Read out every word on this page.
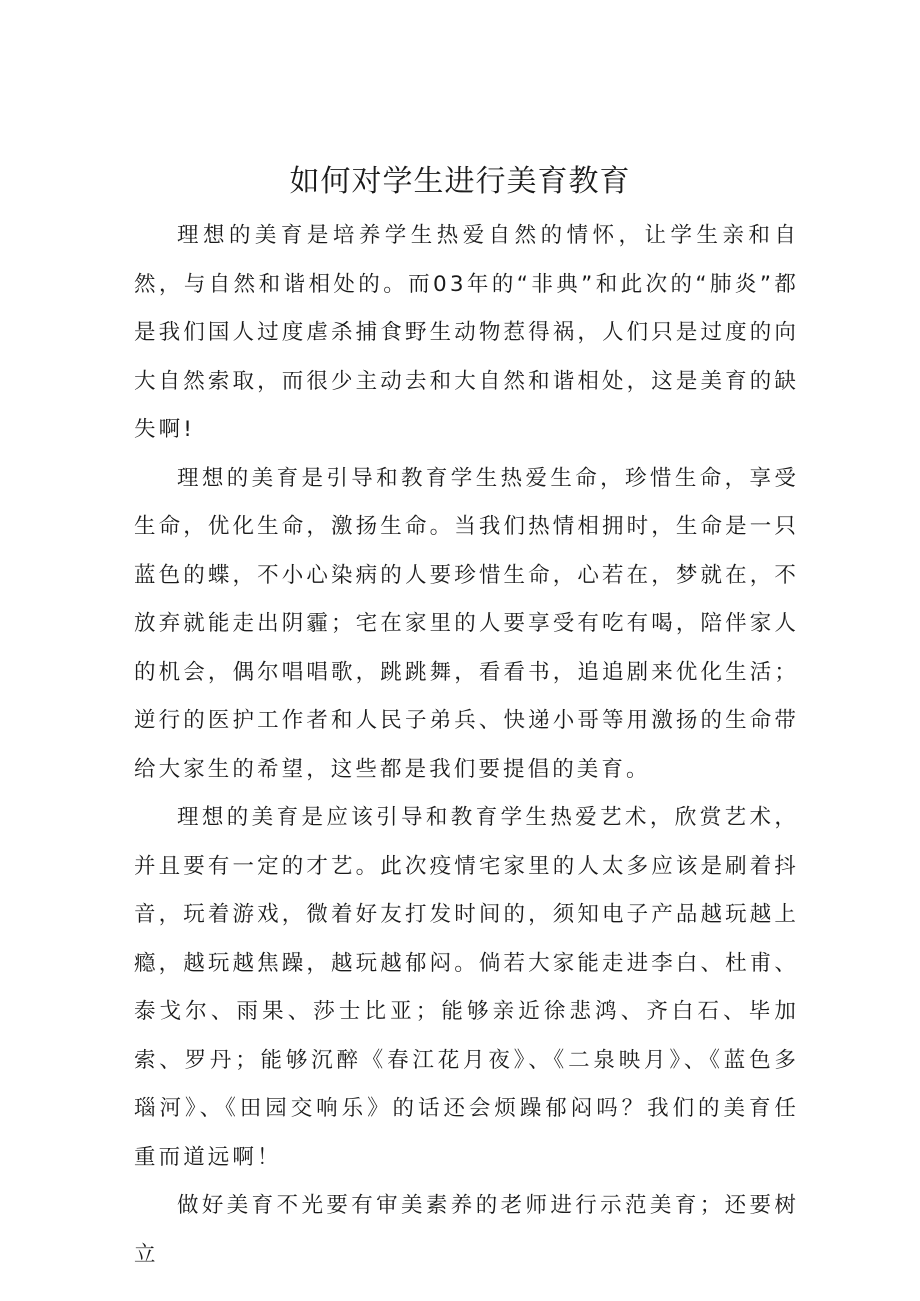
如何对学生进行美育教育

理想的美育是培养学生热爱自然的情怀，让学生亲和自然，与自然和谐相处的。而03年的“非典”和此次的“肺炎”都是我们国人过度虐杀捕食野生动物惹得祸，人们只是过度的向大自然索取，而很少主动去和大自然和谐相处，这是美育的缺失啊!

理想的美育是引导和教育学生热爱生命，珍惜生命，享受生命，优化生命，激扬生命。当我们热情相拥时，生命是一只蓝色的蝶，不小心染病的人要珍惜生命，心若在，梦就在，不放弃就能走出阴霾；宅在家里的人要享受有吃有喝，陪伴家人的机会，偶尔唱唱歌，跳跳舞，看看书，追追剧来优化生活；逆行的医护工作者和人民子弟兵、快递小哥等用激扬的生命带给大家生的希望，这些都是我们要提倡的美育。

理想的美育是应该引导和教育学生热爱艺术，欣赏艺术，并且要有一定的才艺。此次疫情宅家里的人太多应该是刷着抖音，玩着游戏，微着好友打发时间的，须知电子产品越玩越上瘾，越玩越焦躁，越玩越郁闷。倘若大家能走进李白、杜甫、泰戈尔、雨果、莎士比亚；能够亲近徐悲鸿、齐白石、毕加索、罗丹；能够沉醉《春江花月夜》、《二泉映月》、《蓝色多瑙河》、《田园交响乐》的话还会烦躁郁闷吗？我们的美育任重而道远啊！

做好美育不光要有审美素养的老师进行示范美育；还要树立
